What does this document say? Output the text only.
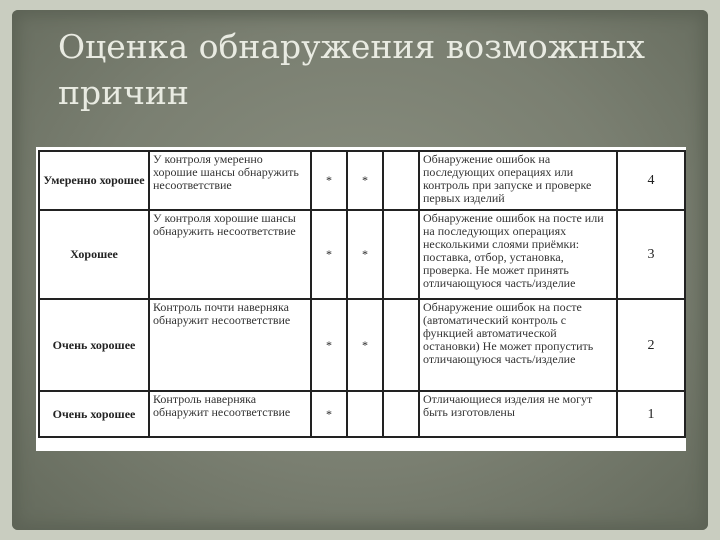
Оценка обнаружения возможных причин
Умеренно хорошее	У контроля умеренно хорошие шансы обнаружить несоответствие	*	*		Обнаружение ошибок на последующих операциях или контроль при запуске и проверке первых изделий	4
Хорошее	У контроля хорошие шансы обнаружить несоответствие	*	*		Обнаружение ошибок на посте или на последующих операциях несколькими слоями приёмки: поставка, отбор, установка, проверка. Не может принять отличающуюся часть/изделие	3
Очень хорошее	Контроль почти наверняка обнаружит несоответствие	*	*		Обнаружение ошибок на посте (автоматический контроль с функцией автоматической остановки) Не может пропустить отличающуюся часть/изделие	2
Очень хорошее	Контроль наверняка обнаружит несоответствие	*			Отличающиеся изделия не могут быть изготовлены	1
